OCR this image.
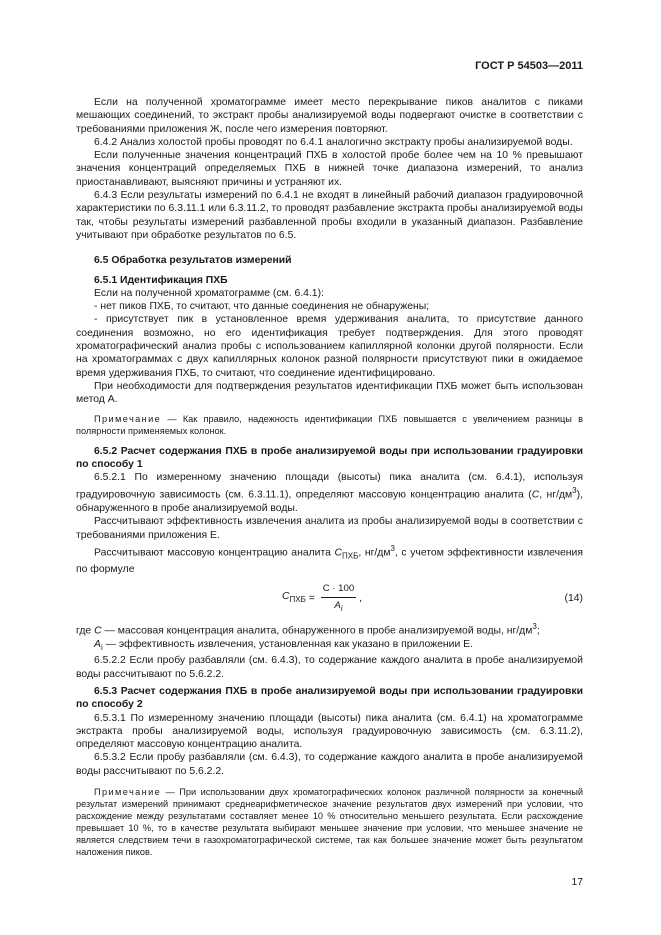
ГОСТ Р 54503—2011

Если на полученной хроматограмме имеет место перекрывание пиков аналитов с пиками мешающих соединений, то экстракт пробы анализируемой воды подвергают очистке в соответствии с требованиями приложения Ж, после чего измерения повторяют.

6.4.2 Анализ холостой пробы проводят по 6.4.1 аналогично экстракту пробы анализируемой воды.

Если полученные значения концентраций ПХБ в холостой пробе более чем на 10 % превышают значения концентраций определяемых ПХБ в нижней точке диапазона измерений, то анализ приостанавливают, выясняют причины и устраняют их.

6.4.3 Если результаты измерений по 6.4.1 не входят в линейный рабочий диапазон градуировочной характеристики по 6.3.11.1 или 6.3.11.2, то проводят разбавление экстракта пробы анализируемой воды так, чтобы результаты измерений разбавленной пробы входили в указанный диапазон. Разбавление учитывают при обработке результатов по 6.5.

6.5 Обработка результатов измерений

6.5.1 Идентификация ПХБ

Если на полученной хроматограмме (см. 6.4.1):

- нет пиков ПХБ, то считают, что данные соединения не обнаружены;

- присутствует пик в установленное время удерживания аналита, то присутствие данного соединения возможно, но его идентификация требует подтверждения. Для этого проводят хроматографический анализ пробы с использованием капиллярной колонки другой полярности. Если на хроматограммах с двух капиллярных колонок разной полярности присутствуют пики в ожидаемое время удерживания ПХБ, то считают, что соединение идентифицировано.

При необходимости для подтверждения результатов идентификации ПХБ может быть использован метод А.

Примечание — Как правило, надежность идентификации ПХБ повышается с увеличением разницы в полярности применяемых колонок.

6.5.2 Расчет содержания ПХБ в пробе анализируемой воды при использовании градуировки по способу 1

6.5.2.1 По измеренному значению площади (высоты) пика аналита (см. 6.4.1), используя градуировочную зависимость (см. 6.3.11.1), определяют массовую концентрацию аналита (C, $нг/дм^3$), обнаруженного в пробе анализируемой воды.

Рассчитывают эффективность извлечения аналита из пробы анализируемой воды в соответствии с требованиями приложения Е.

Рассчитывают массовую концентрацию аналита $C_{ПХБ}$, $нг/дм^3$, с учетом эффективности извлечения по формуле

$C_{ПХБ} = \frac{C \cdot 100}{A_i}$ ,	(14)

где C — массовая концентрация аналита, обнаруженного в пробе анализируемой воды, $нг/дм^3$;

$A_i$ — эффективность извлечения, установленная как указано в приложении Е.

6.5.2.2 Если пробу разбавляли (см. 6.4.3), то содержание каждого аналита в пробе анализируемой воды рассчитывают по 5.6.2.2.

6.5.3 Расчет содержания ПХБ в пробе анализируемой воды при использовании градуировки по способу 2

6.5.3.1 По измеренному значению площади (высоты) пика аналита (см. 6.4.1) на хроматограмме экстракта пробы анализируемой воды, используя градуировочную зависимость (см. 6.3.11.2), определяют массовую концентрацию аналита.

6.5.3.2 Если пробу разбавляли (см. 6.4.3), то содержание каждого аналита в пробе анализируемой воды рассчитывают по 5.6.2.2.

Примечание — При использовании двух хроматографических колонок различной полярности за конечный результат измерений принимают среднеарифметическое значение результатов двух измерений при условии, что расхождение между результатами составляет менее 10 % относительно меньшего результата. Если расхождение превышает 10 %, то в качестве результата выбирают меньшее значение при условии, что меньшее значение не является следствием течи в газохроматографической системе, так как большее значение может быть результатом наложения пиков.

17
